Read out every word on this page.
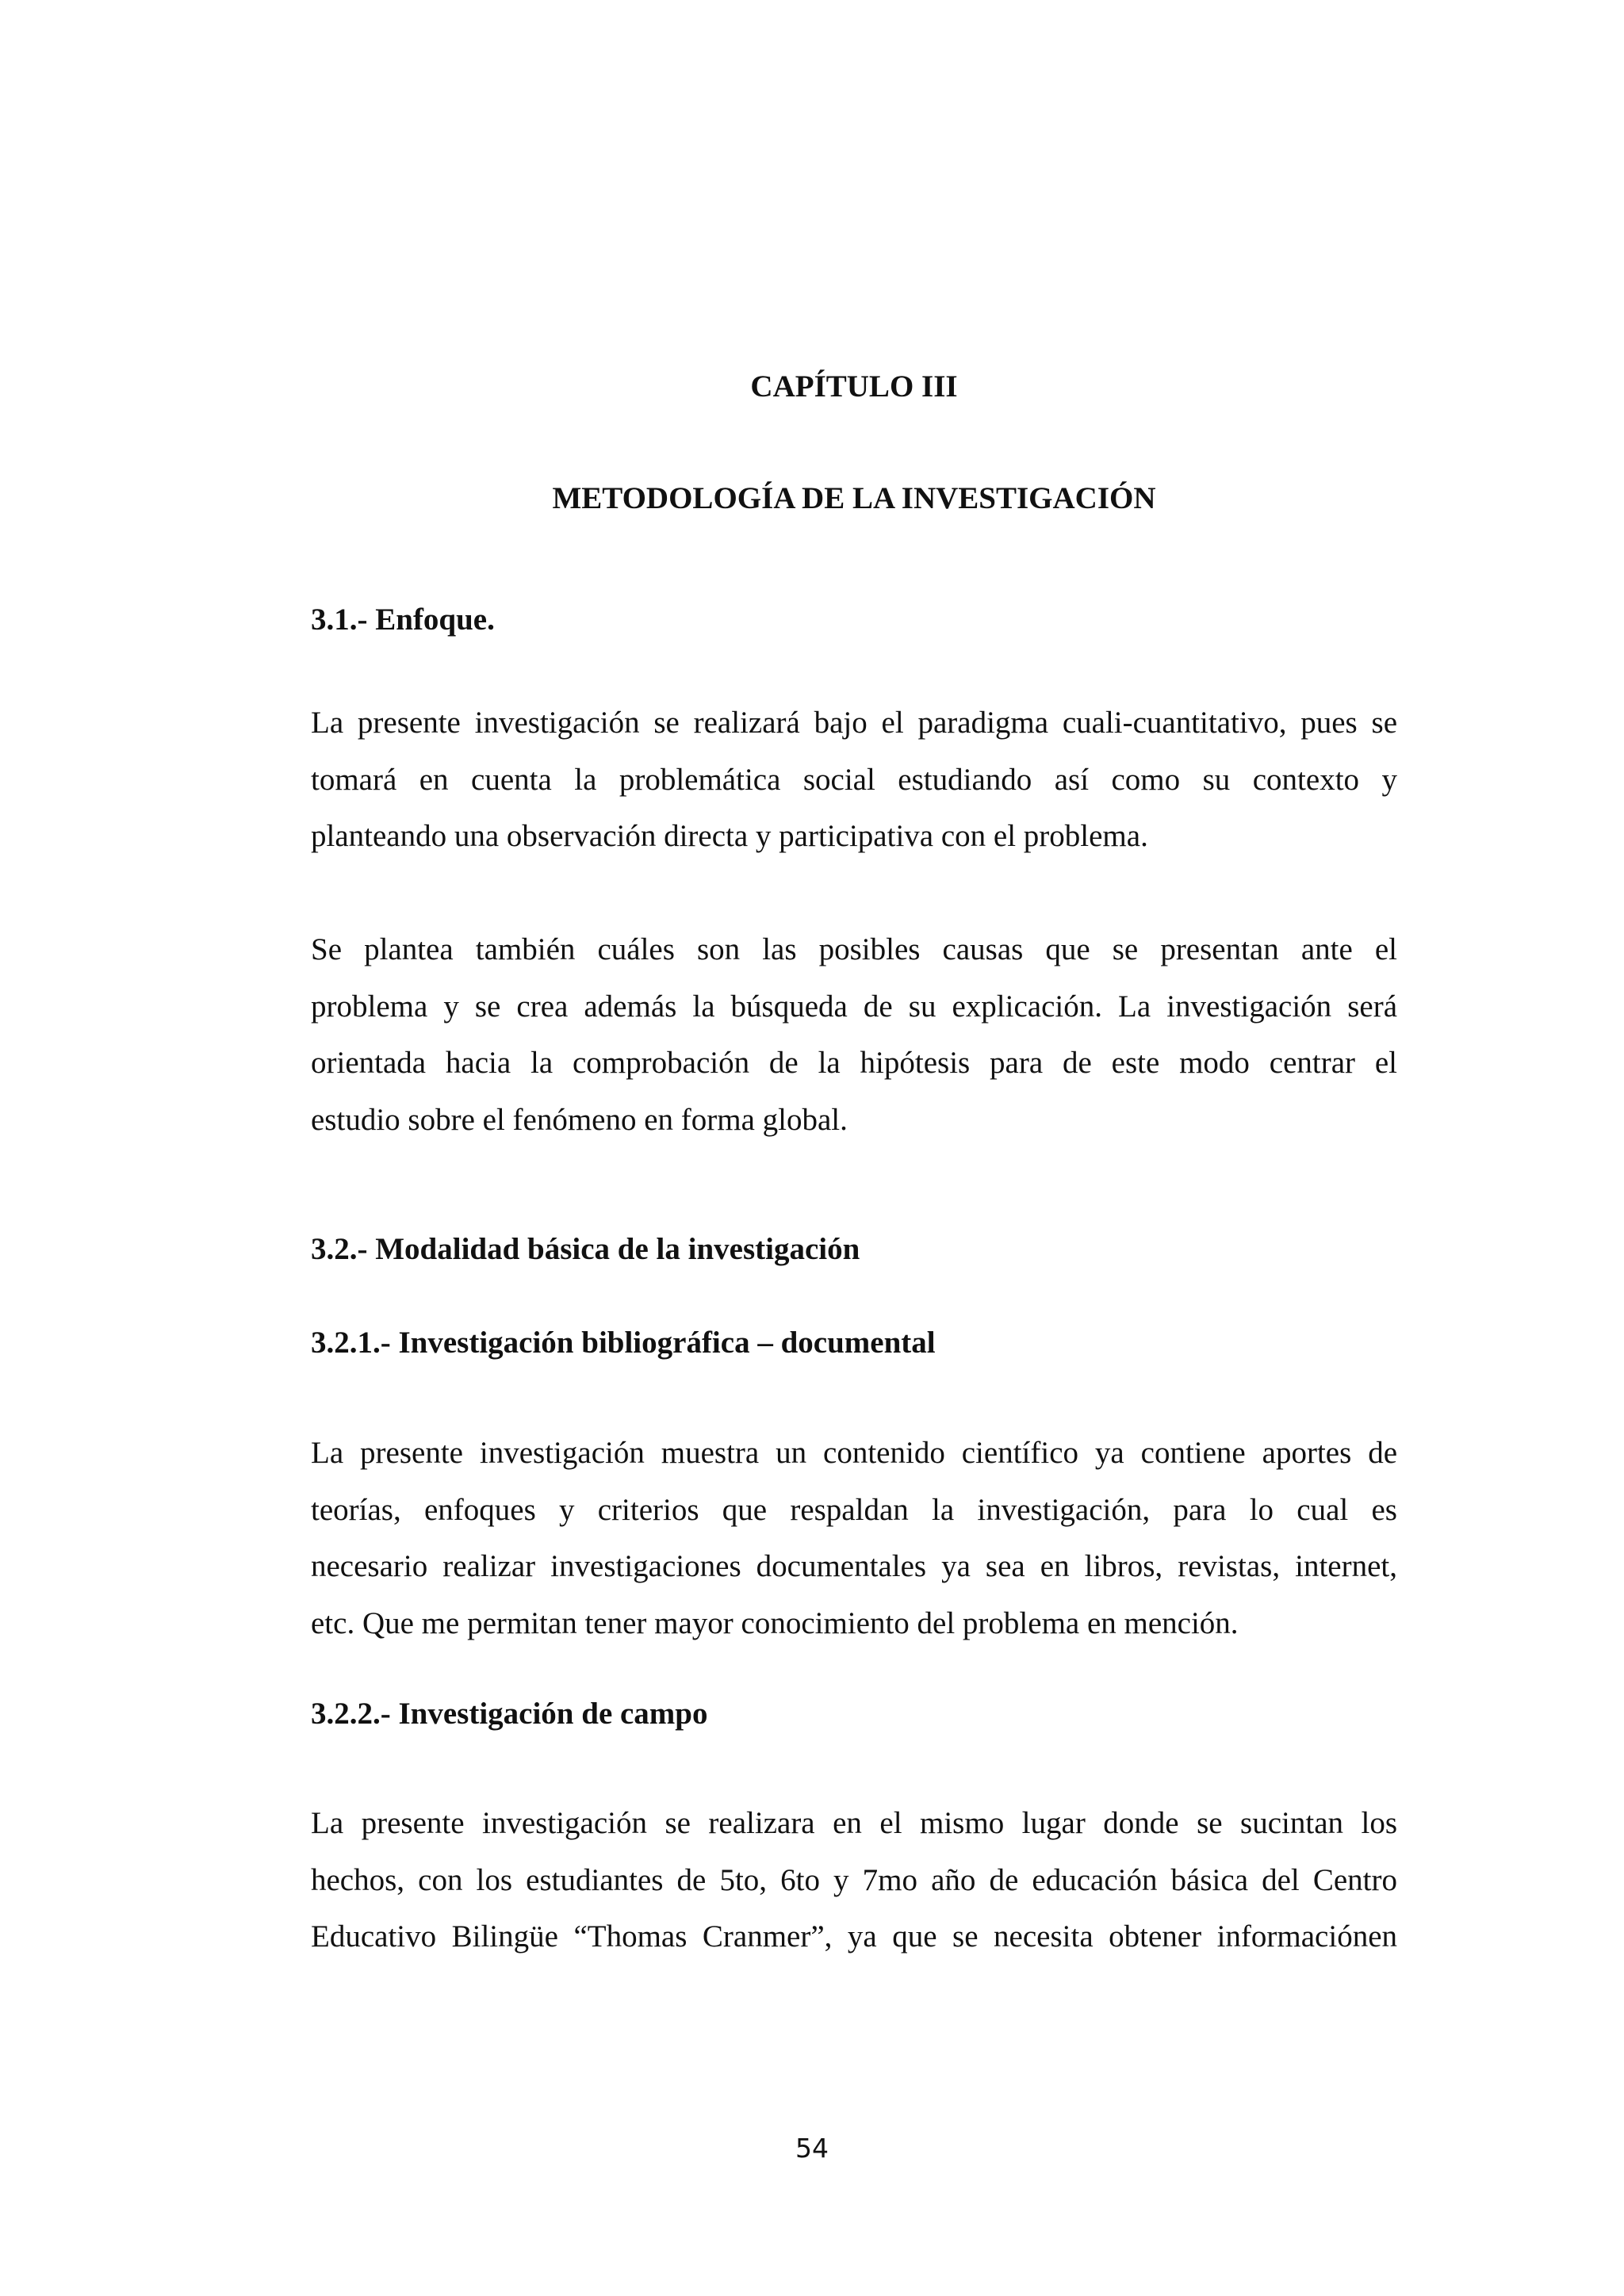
CAPÍTULO III
METODOLOGÍA DE LA INVESTIGACIÓN
3.1.- Enfoque.
La presente investigación se realizará bajo el paradigma cuali-cuantitativo, pues se
tomará en cuenta la problemática social estudiando así como su contexto y
planteando una observación directa y participativa con el problema.
Se plantea también cuáles son las posibles causas que se presentan ante el
problema y se crea además la búsqueda de su explicación. La investigación será
orientada hacia la comprobación de la hipótesis para de este modo centrar el
estudio sobre el fenómeno en forma global.
3.2.- Modalidad básica de la investigación
3.2.1.- Investigación bibliográfica – documental
La presente investigación muestra un contenido científico ya contiene aportes de
teorías, enfoques y criterios que respaldan la investigación, para lo cual es
necesario realizar investigaciones documentales ya sea en libros, revistas, internet,
etc. Que me permitan tener mayor conocimiento del problema en mención.
3.2.2.- Investigación de campo
La presente investigación se realizara en el mismo lugar donde se sucintan los
hechos, con los estudiantes de 5to, 6to y 7mo año de educación básica del Centro
Educativo Bilingüe “Thomas Cranmer”, ya que se necesita obtener informaciónen
54
